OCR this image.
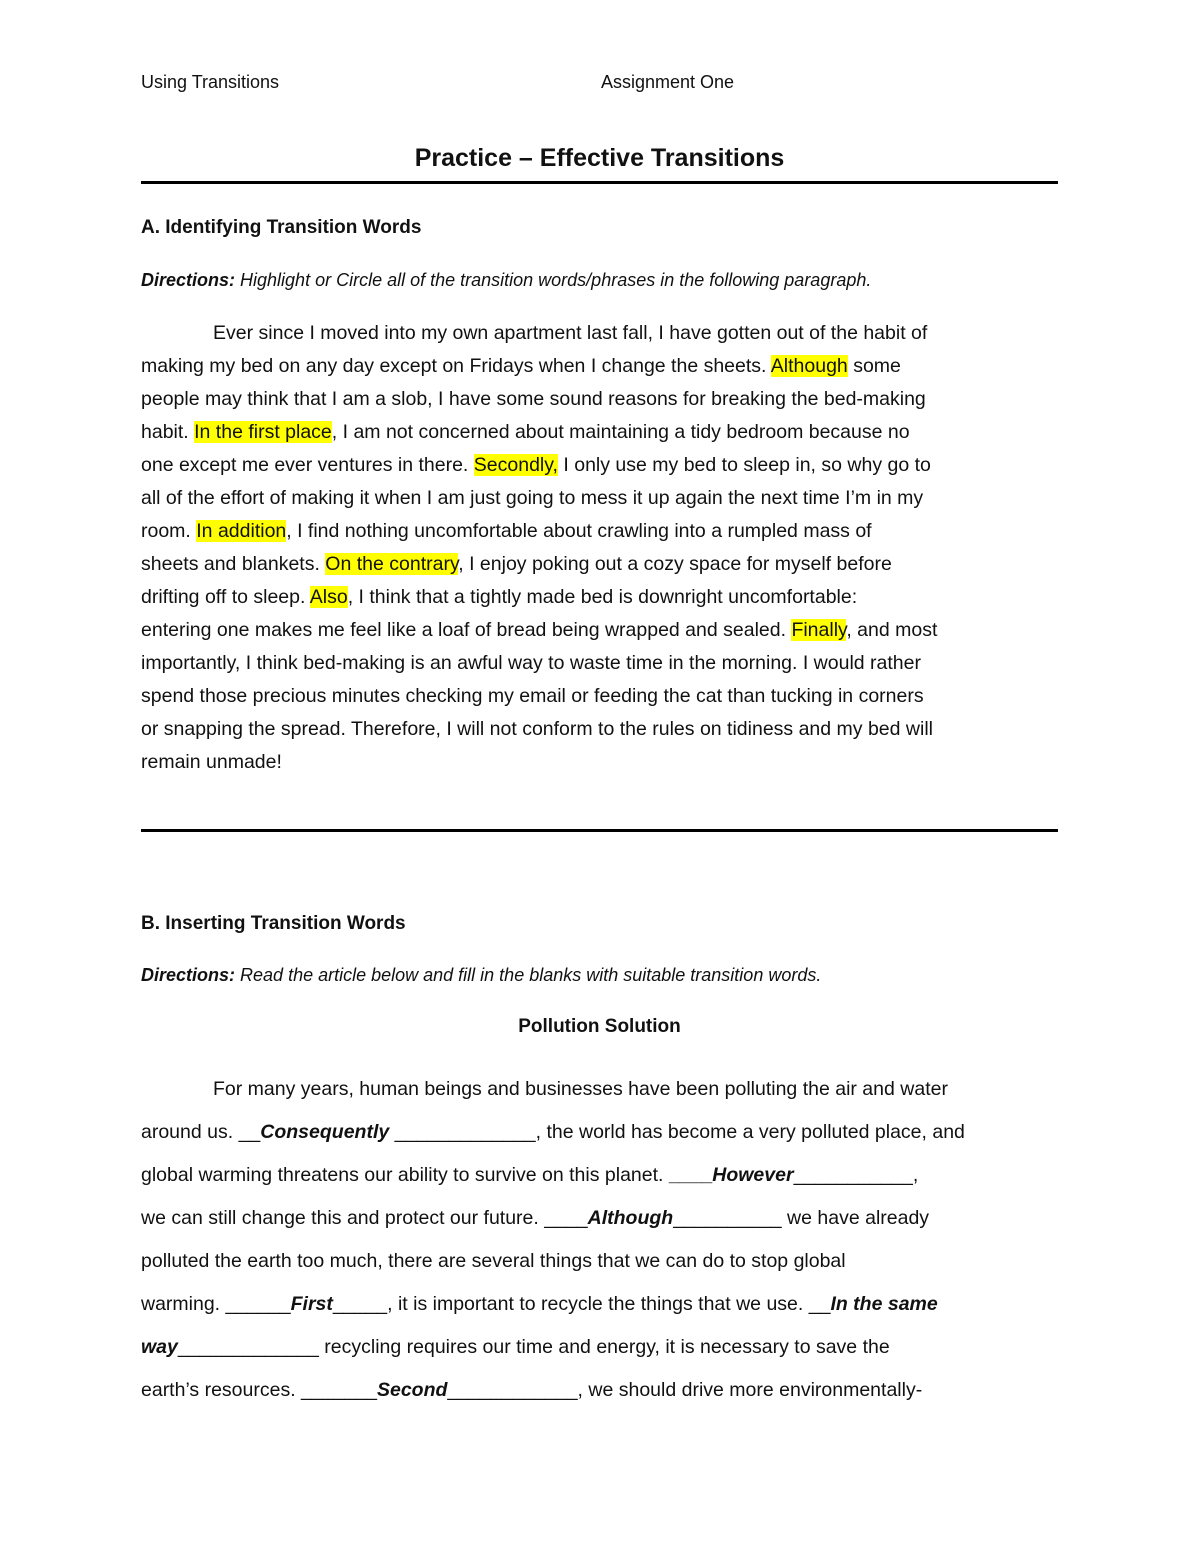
Using Transitions	Assignment One
Practice – Effective Transitions
A. Identifying Transition Words
Directions: Highlight or Circle all of the transition words/phrases in the following paragraph.
Ever since I moved into my own apartment last fall, I have gotten out of the habit of
making my bed on any day except on Fridays when I change the sheets. Although some
people may think that I am a slob, I have some sound reasons for breaking the bed-making
habit. In the first place, I am not concerned about maintaining a tidy bedroom because no
one except me ever ventures in there. Secondly, I only use my bed to sleep in, so why go to
all of the effort of making it when I am just going to mess it up again the next time I’m in my
room. In addition, I find nothing uncomfortable about crawling into a rumpled mass of
sheets and blankets. On the contrary, I enjoy poking out a cozy space for myself before
drifting off to sleep. Also, I think that a tightly made bed is downright uncomfortable:
entering one makes me feel like a loaf of bread being wrapped and sealed. Finally, and most
importantly, I think bed-making is an awful way to waste time in the morning. I would rather
spend those precious minutes checking my email or feeding the cat than tucking in corners
or snapping the spread. Therefore, I will not conform to the rules on tidiness and my bed will
remain unmade!
B. Inserting Transition Words
Directions: Read the article below and fill in the blanks with suitable transition words.
Pollution Solution
For many years, human beings and businesses have been polluting the air and water
around us. __Consequently _____________, the world has become a very polluted place, and
global warming threatens our ability to survive on this planet. ____However___________,
we can still change this and protect our future. ____Although__________ we have already
polluted the earth too much, there are several things that we can do to stop global
warming. ______First_____, it is important to recycle the things that we use. __In the same
way_____________ recycling requires our time and energy, it is necessary to save the
earth’s resources. _______Second____________, we should drive more environmentally-
